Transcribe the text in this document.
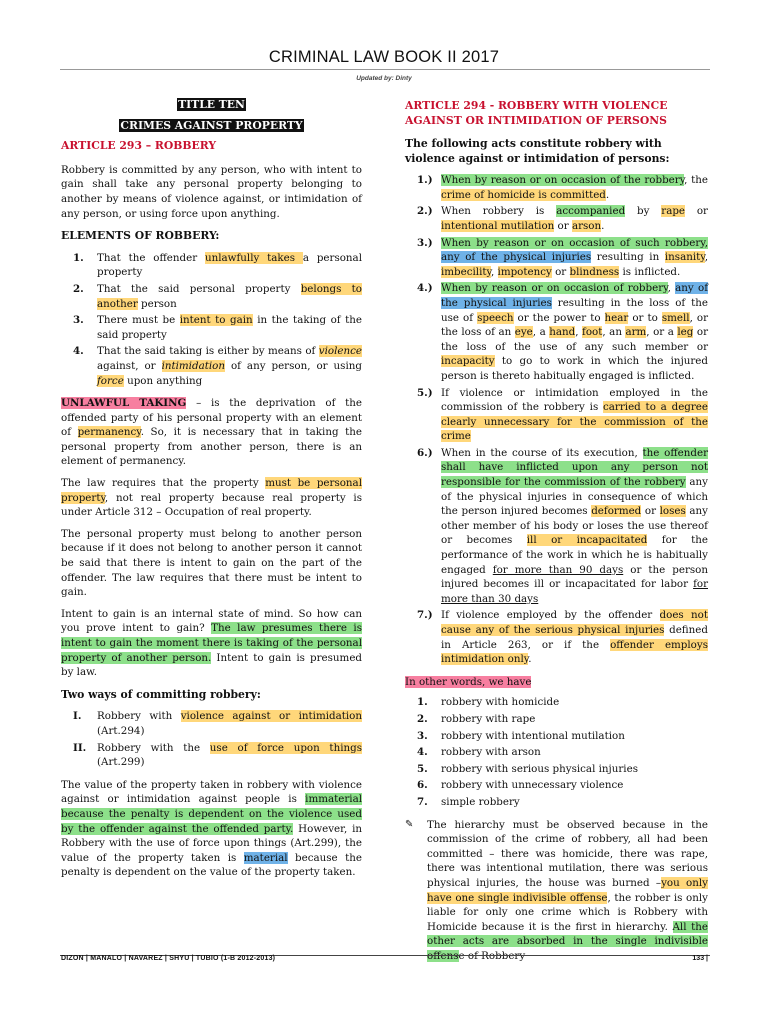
CRIMINAL LAW BOOK II 2017
Updated by: Dinty
TITLE TEN
CRIMES AGAINST PROPERTY
ARTICLE 293 – ROBBERY

Robbery is committed by any person, who with intent to gain shall take any personal property belonging to another by means of violence against, or intimidation of any person, or using force upon anything.

ELEMENTS OF ROBBERY:
1. That the offender unlawfully takes a personal property
2. That the said personal property belongs to another person
3. There must be intent to gain in the taking of the said property
4. That the said taking is either by means of violence against, or intimidation of any person, or using force upon anything

UNLAWFUL TAKING – is the deprivation of the offended party of his personal property with an element of permanency. So, it is necessary that in taking the personal property from another person, there is an element of permanency.

The law requires that the property must be personal property, not real property because real property is under Article 312 – Occupation of real property.

The personal property must belong to another person because if it does not belong to another person it cannot be said that there is intent to gain on the part of the offender. The law requires that there must be intent to gain.

Intent to gain is an internal state of mind. So how can you prove intent to gain? The law presumes there is intent to gain the moment there is taking of the personal property of another person. Intent to gain is presumed by law.

Two ways of committing robbery:
I. Robbery with violence against or intimidation (Art.294)
II. Robbery with the use of force upon things (Art.299)

The value of the property taken in robbery with violence against or intimidation against people is immaterial because the penalty is dependent on the violence used by the offender against the offended party. However, in Robbery with the use of force upon things (Art.299), the value of the property taken is material because the penalty is dependent on the value of the property taken.

ARTICLE 294 - ROBBERY WITH VIOLENCE AGAINST OR INTIMIDATION OF PERSONS
The following acts constitute robbery with violence against or intimidation of persons:
1.) When by reason or on occasion of the robbery, the crime of homicide is committed.
2.) When robbery is accompanied by rape or intentional mutilation or arson.
3.) When by reason or on occasion of such robbery, any of the physical injuries resulting in insanity, imbecility, impotency or blindness is inflicted.
4.) When by reason or on occasion of robbery, any of the physical injuries resulting in the loss of the use of speech or the power to hear or to smell, or the loss of an eye, a hand, foot, an arm, or a leg or the loss of the use of any such member or incapacity to go to work in which the injured person is thereto habitually engaged is inflicted.
5.) If violence or intimidation employed in the commission of the robbery is carried to a degree clearly unnecessary for the commission of the crime
6.) When in the course of its execution, the offender shall have inflicted upon any person not responsible for the commission of the robbery any of the physical injuries in consequence of which the person injured becomes deformed or loses any other member of his body or loses the use thereof or becomes ill or incapacitated for the performance of the work in which he is habitually engaged for more than 90 days or the person injured becomes ill or incapacitated for labor for more than 30 days
7.) If violence employed by the offender does not cause any of the serious physical injuries defined in Article 263, or if the offender employs intimidation only.
In other words, we have
1. robbery with homicide
2. robbery with rape
3. robbery with intentional mutilation
4. robbery with arson
5. robbery with serious physical injuries
6. robbery with unnecessary violence
7. simple robbery
✎ The hierarchy must be observed because in the commission of the crime of robbery, all had been committed – there was homicide, there was rape, there was intentional mutilation, there was serious physical injuries, the house was burned –you only have one single indivisible offense, the robber is only liable for only one crime which is Robbery with Homicide because it is the first in hierarchy. All the other acts are absorbed in the single indivisible

DIZON | MANALO | NAVAREZ | SHYU | TUBIO (1-B 2012-2013)	133 |
